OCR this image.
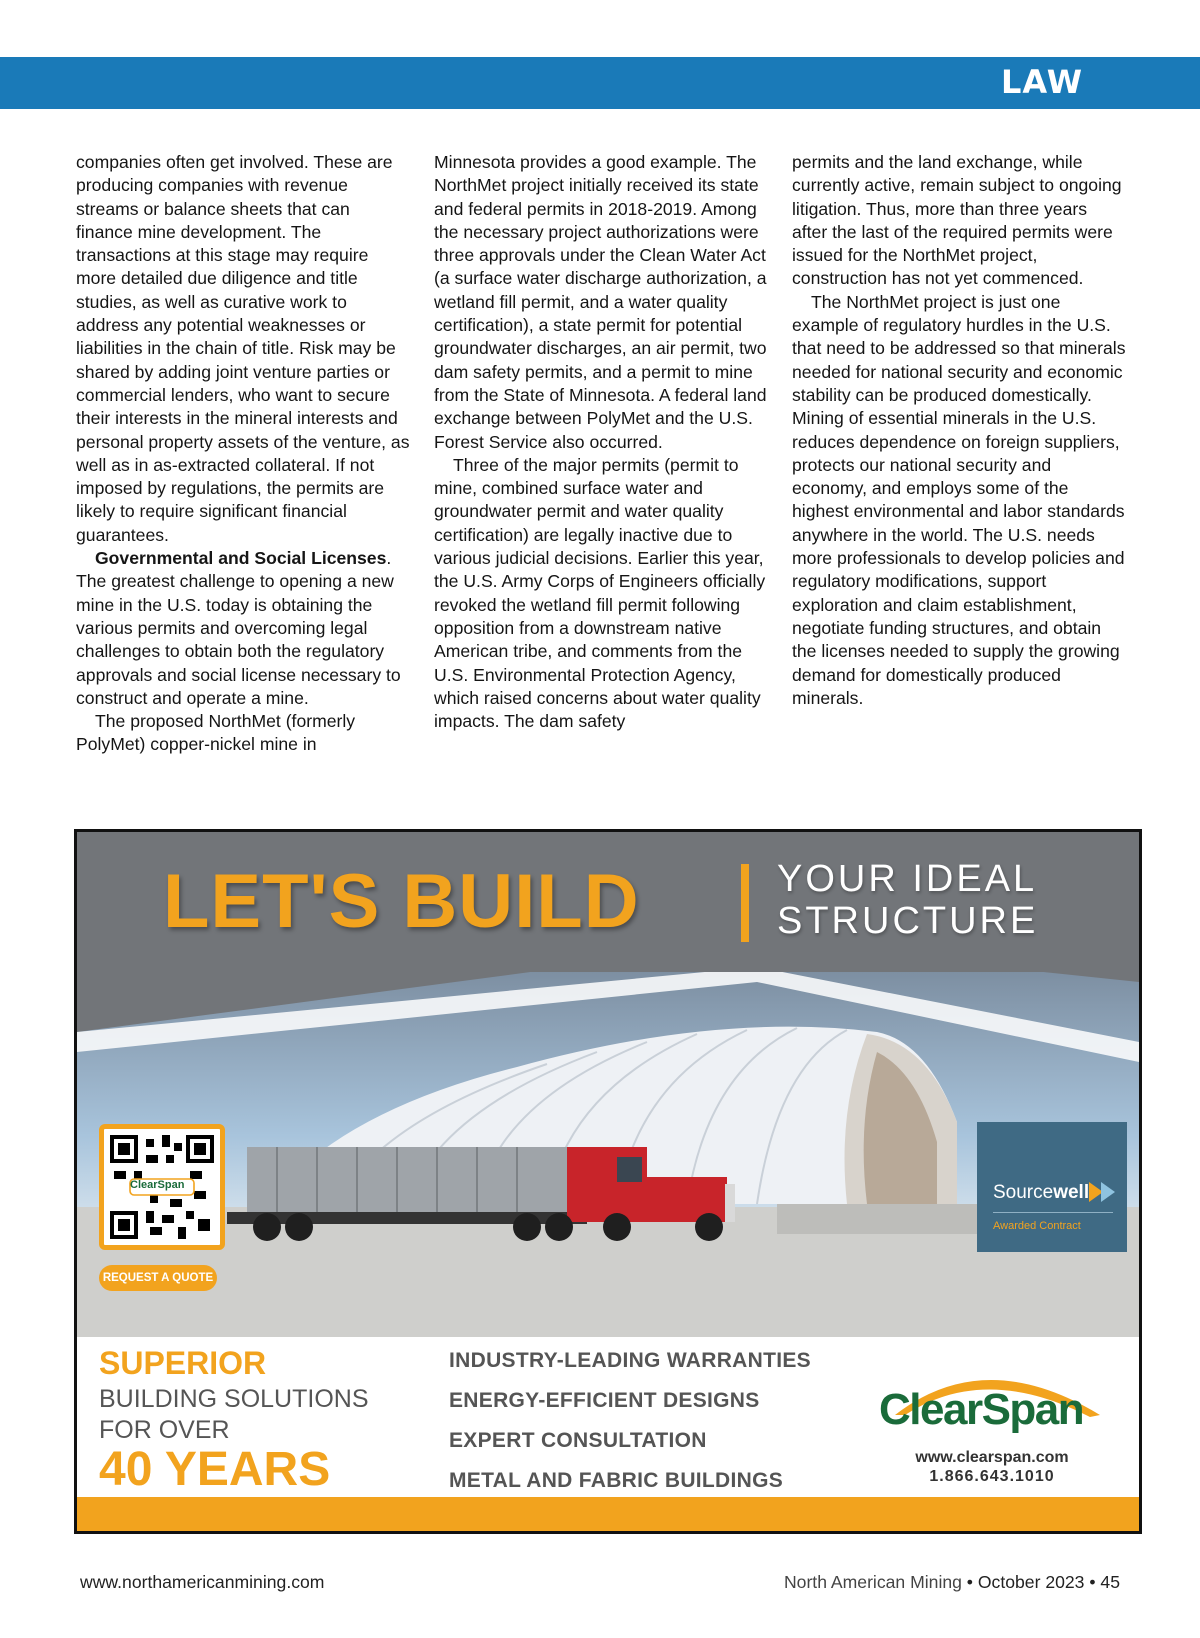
LAW

companies often get involved. These are producing companies with revenue streams or balance sheets that can finance mine development. The transactions at this stage may require more detailed due diligence and title studies, as well as curative work to address any potential weaknesses or liabilities in the chain of title. Risk may be shared by adding joint venture parties or commercial lenders, who want to secure their interests in the mineral interests and personal property assets of the venture, as well as in as-extracted collateral. If not imposed by regulations, the permits are likely to require significant financial guarantees.

Governmental and Social Licenses. The greatest challenge to opening a new mine in the U.S. today is obtaining the various permits and overcoming legal challenges to obtain both the regulatory approvals and social license necessary to construct and operate a mine.

The proposed NorthMet (formerly PolyMet) copper-nickel mine in

Minnesota provides a good example. The NorthMet project initially received its state and federal permits in 2018-2019. Among the necessary project authorizations were three approvals under the Clean Water Act (a surface water discharge authorization, a wetland fill permit, and a water quality certification), a state permit for potential groundwater discharges, an air permit, two dam safety permits, and a permit to mine from the State of Minnesota. A federal land exchange between PolyMet and the U.S. Forest Service also occurred.

Three of the major permits (permit to mine, combined surface water and groundwater permit and water quality certification) are legally inactive due to various judicial decisions. Earlier this year, the U.S. Army Corps of Engineers officially revoked the wetland fill permit following opposition from a downstream native American tribe, and comments from the U.S. Environmental Protection Agency, which raised concerns about water quality impacts. The dam safety

permits and the land exchange, while currently active, remain subject to ongoing litigation. Thus, more than three years after the last of the required permits were issued for the NorthMet project, construction has not yet commenced.

The NorthMet project is just one example of regulatory hurdles in the U.S. that need to be addressed so that minerals needed for national security and economic stability can be produced domestically. Mining of essential minerals in the U.S. reduces dependence on foreign suppliers, protects our national security and economy, and employs some of the highest environmental and labor standards anywhere in the world. The U.S. needs more professionals to develop policies and regulatory modifications, support exploration and claim establishment, negotiate funding structures, and obtain the licenses needed to supply the growing demand for domestically produced minerals.

LET'S BUILD	YOUR IDEAL
STRUCTURE
ClearSpan
REQUEST A QUOTE
Sourcewell
Awarded Contract
SUPERIOR
BUILDING SOLUTIONS
FOR OVER
40 YEARS
INDUSTRY-LEADING WARRANTIES
ENERGY-EFFICIENT DESIGNS
EXPERT CONSULTATION
METAL AND FABRIC BUILDINGS
ClearSpan
www.clearspan.com
1.866.643.1010
www.northamericanmining.com	North American Mining • October 2023 • 45
